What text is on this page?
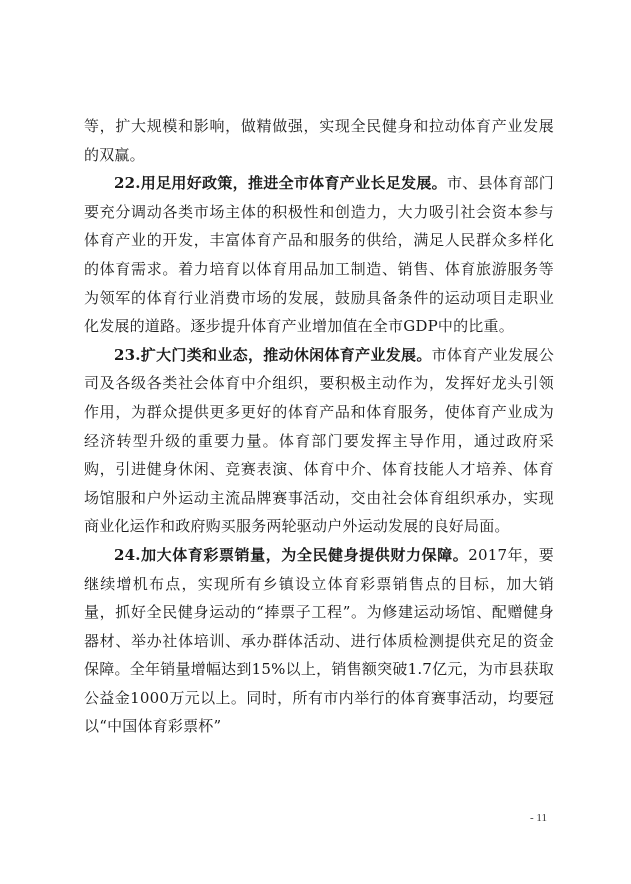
等，扩大规模和影响，做精做强，实现全民健身和拉动体育产业发展的双赢。

22.用足用好政策，推进全市体育产业长足发展。市、县体育部门要充分调动各类市场主体的积极性和创造力，大力吸引社会资本参与体育产业的开发，丰富体育产品和服务的供给，满足人民群众多样化的体育需求。着力培育以体育用品加工制造、销售、体育旅游服务等为领军的体育行业消费市场的发展，鼓励具备条件的运动项目走职业化发展的道路。逐步提升体育产业增加值在全市GDP中的比重。

23.扩大门类和业态，推动休闲体育产业发展。市体育产业发展公司及各级各类社会体育中介组织，要积极主动作为，发挥好龙头引领作用，为群众提供更多更好的体育产品和体育服务，使体育产业成为经济转型升级的重要力量。体育部门要发挥主导作用，通过政府采购，引进健身休闲、竞赛表演、体育中介、体育技能人才培养、体育场馆服和户外运动主流品牌赛事活动，交由社会体育组织承办，实现商业化运作和政府购买服务两轮驱动户外运动发展的良好局面。

24.加大体育彩票销量，为全民健身提供财力保障。2017年，要继续增机布点，实现所有乡镇设立体育彩票销售点的目标，加大销量，抓好全民健身运动的“捧票子工程”。为修建运动场馆、配赠健身器材、举办社体培训、承办群体活动、进行体质检测提供充足的资金保障。全年销量增幅达到15%以上，销售额突破1.7亿元，为市县获取公益金1000万元以上。同时，所有市内举行的体育赛事活动，均要冠以“中国体育彩票杯”

- 11
